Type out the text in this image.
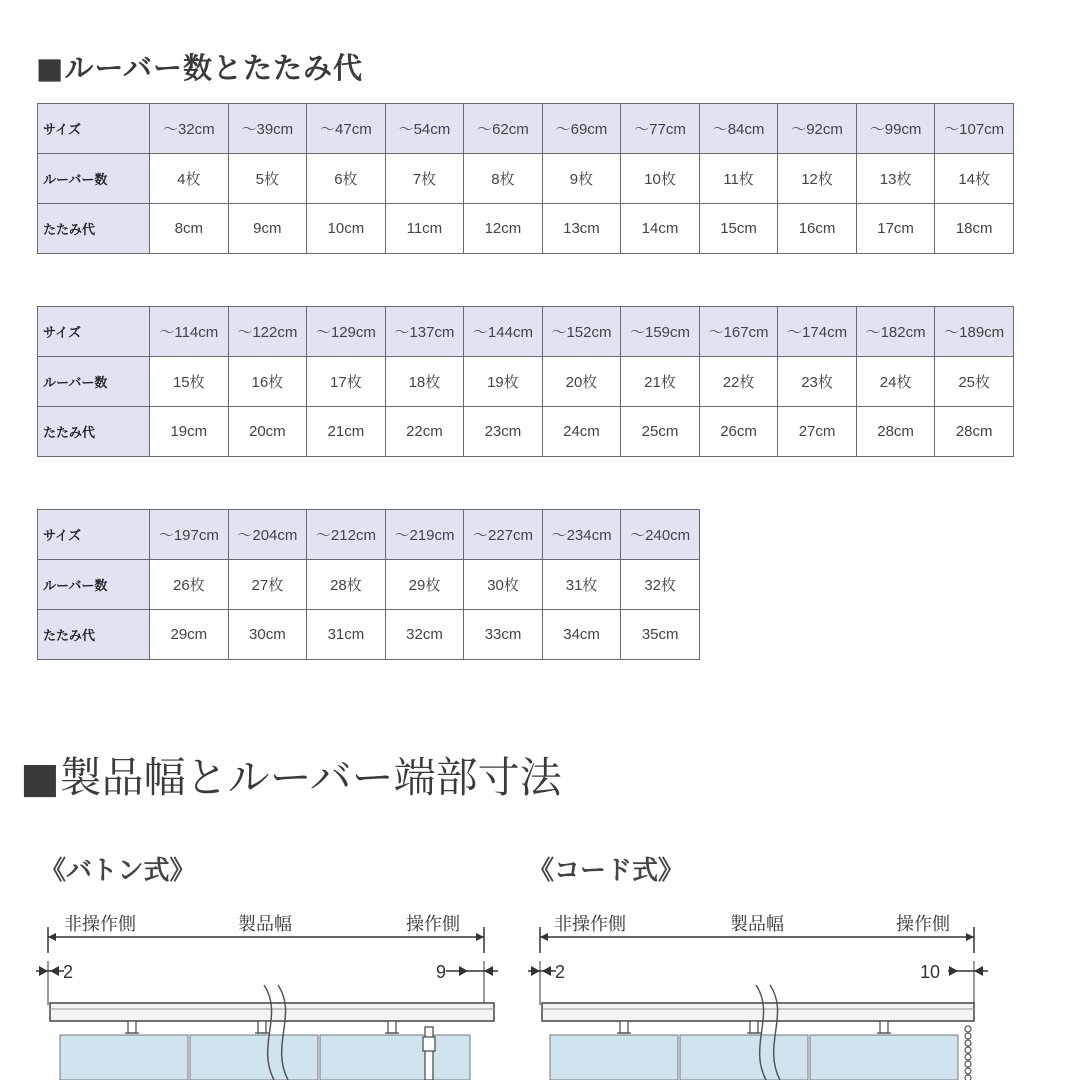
■ルーバー数とたたみ代
サイズ	～32cm	～39cm	～47cm	～54cm	～62cm	～69cm	～77cm	～84cm	～92cm	～99cm	～107cm
ルーバー数	4枚	5枚	6枚	7枚	8枚	9枚	10枚	11枚	12枚	13枚	14枚
たたみ代	8cm	9cm	10cm	11cm	12cm	13cm	14cm	15cm	16cm	17cm	18cm
サイズ	～114cm	～122cm	～129cm	～137cm	～144cm	～152cm	～159cm	～167cm	～174cm	～182cm	～189cm
ルーバー数	15枚	16枚	17枚	18枚	19枚	20枚	21枚	22枚	23枚	24枚	25枚
たたみ代	19cm	20cm	21cm	22cm	23cm	24cm	25cm	26cm	27cm	28cm	28cm
サイズ	～197cm	～204cm	～212cm	～219cm	～227cm	～234cm	～240cm
ルーバー数	26枚	27枚	28枚	29枚	30枚	31枚	32枚
たたみ代	29cm	30cm	31cm	32cm	33cm	34cm	35cm
■製品幅とルーバー端部寸法
《バトン式》	《コード式》
非操作側	製品幅	操作側
2	9
非操作側	製品幅	操作側
2	10
